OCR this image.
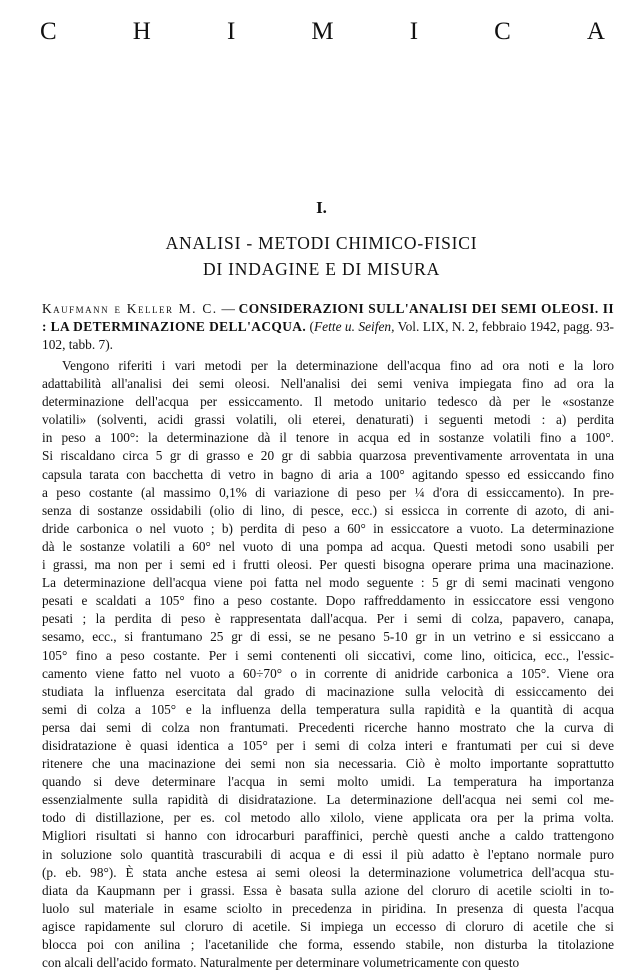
C	H	I	M	I	C	A
I.
ANALISI - METODI CHIMICO-FISICI
DI INDAGINE E DI MISURA
Kaufmann e Keller M. C. — CONSIDERAZIONI SULL'ANALISI DEI SEMI OLEOSI. II : LA DETERMINAZIONE DELL'ACQUA. (Fette u. Seifen, Vol. LIX, N. 2, febbraio 1942, pagg. 93-102, tabb. 7).
Vengono riferiti i vari metodi per la determinazione dell'acqua fino ad ora noti e la loro
adattabilità all'analisi dei semi oleosi. Nell'analisi dei semi veniva impiegata fino ad ora la
determinazione dell'acqua per essiccamento. Il metodo unitario tedesco dà per le «sostanze
volatili» (solventi, acidi grassi volatili, oli eterei, denaturati) i seguenti metodi : a) perdita
in peso a 100°: la determinazione dà il tenore in acqua ed in sostanze volatili fino a 100°.
Si riscaldano circa 5 gr di grasso e 20 gr di sabbia quarzosa preventivamente arroventata in una
capsula tarata con bacchetta di vetro in bagno di aria a 100° agitando spesso ed essiccando fino
a peso costante (al massimo 0,1% di variazione di peso per ¼ d'ora di essiccamento). In pre-
senza di sostanze ossidabili (olio di lino, di pesce, ecc.) si essicca in corrente di azoto, di ani-
dride carbonica o nel vuoto ; b) perdita di peso a 60° in essiccatore a vuoto. La determinazione
dà le sostanze volatili a 60° nel vuoto di una pompa ad acqua. Questi metodi sono usabili per
i grassi, ma non per i semi ed i frutti oleosi. Per questi bisogna operare prima una macinazione.
La determinazione dell'acqua viene poi fatta nel modo seguente : 5 gr di semi macinati vengono
pesati e scaldati a 105° fino a peso costante. Dopo raffreddamento in essiccatore essi vengono
pesati ; la perdita di peso è rappresentata dall'acqua. Per i semi di colza, papavero, canapa,
sesamo, ecc., si frantumano 25 gr di essi, se ne pesano 5-10 gr in un vetrino e si essiccano a
105° fino a peso costante. Per i semi contenenti oli siccativi, come lino, oiticica, ecc., l'essic-
camento viene fatto nel vuoto a 60÷70° o in corrente di anidride carbonica a 105°. Viene ora
studiata la influenza esercitata dal grado di macinazione sulla velocità di essiccamento dei
semi di colza a 105° e la influenza della temperatura sulla rapidità e la quantità di acqua
persa dai semi di colza non frantumati. Precedenti ricerche hanno mostrato che la curva di
disidratazione è quasi identica a 105° per i semi di colza interi e frantumati per cui si deve
ritenere che una macinazione dei semi non sia necessaria. Ciò è molto importante soprattutto
quando si deve determinare l'acqua in semi molto umidi. La temperatura ha importanza
essenzialmente sulla rapidità di disidratazione. La determinazione dell'acqua nei semi col me-
todo di distillazione, per es. col metodo allo xilolo, viene applicata ora per la prima volta.
Migliori risultati si hanno con idrocarburi paraffinici, perchè questi anche a caldo trattengono
in soluzione solo quantità trascurabili di acqua e di essi il più adatto è l'eptano normale puro
(p. eb. 98°). È stata anche estesa ai semi oleosi la determinazione volumetrica dell'acqua stu-
diata da Kaupmann per i grassi. Essa è basata sulla azione del cloruro di acetile sciolti in to-
luolo sul materiale in esame sciolto in precedenza in piridina. In presenza di questa l'acqua
agisce rapidamente sul cloruro di acetile. Si impiega un eccesso di cloruro di acetile che si
blocca poi con anilina ; l'acetanilide che forma, essendo stabile, non disturba la titolazione
con alcali dell'acido formato. Naturalmente per determinare volumetricamente con questo
